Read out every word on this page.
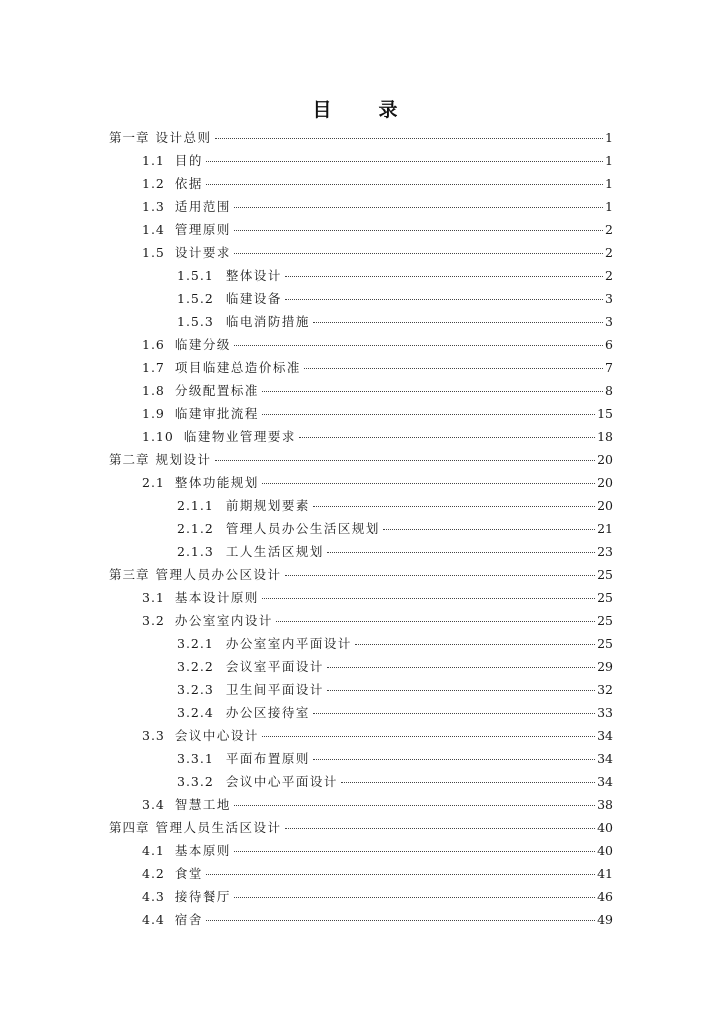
目　录
第一章 设计总则	1
1.1 目的	1
1.2 依据	1
1.3 适用范围	1
1.4 管理原则	2
1.5 设计要求	2
1.5.1 整体设计	2
1.5.2 临建设备	3
1.5.3 临电消防措施	3
1.6 临建分级	6
1.7 项目临建总造价标准	7
1.8 分级配置标准	8
1.9 临建审批流程	15
1.10 临建物业管理要求	18
第二章 规划设计	20
2.1 整体功能规划	20
2.1.1 前期规划要素	20
2.1.2 管理人员办公生活区规划	21
2.1.3 工人生活区规划	23
第三章 管理人员办公区设计	25
3.1 基本设计原则	25
3.2 办公室室内设计	25
3.2.1 办公室室内平面设计	25
3.2.2 会议室平面设计	29
3.2.3 卫生间平面设计	32
3.2.4 办公区接待室	33
3.3 会议中心设计	34
3.3.1 平面布置原则	34
3.3.2 会议中心平面设计	34
3.4 智慧工地	38
第四章 管理人员生活区设计	40
4.1 基本原则	40
4.2 食堂	41
4.3 接待餐厅	46
4.4 宿舍	49
